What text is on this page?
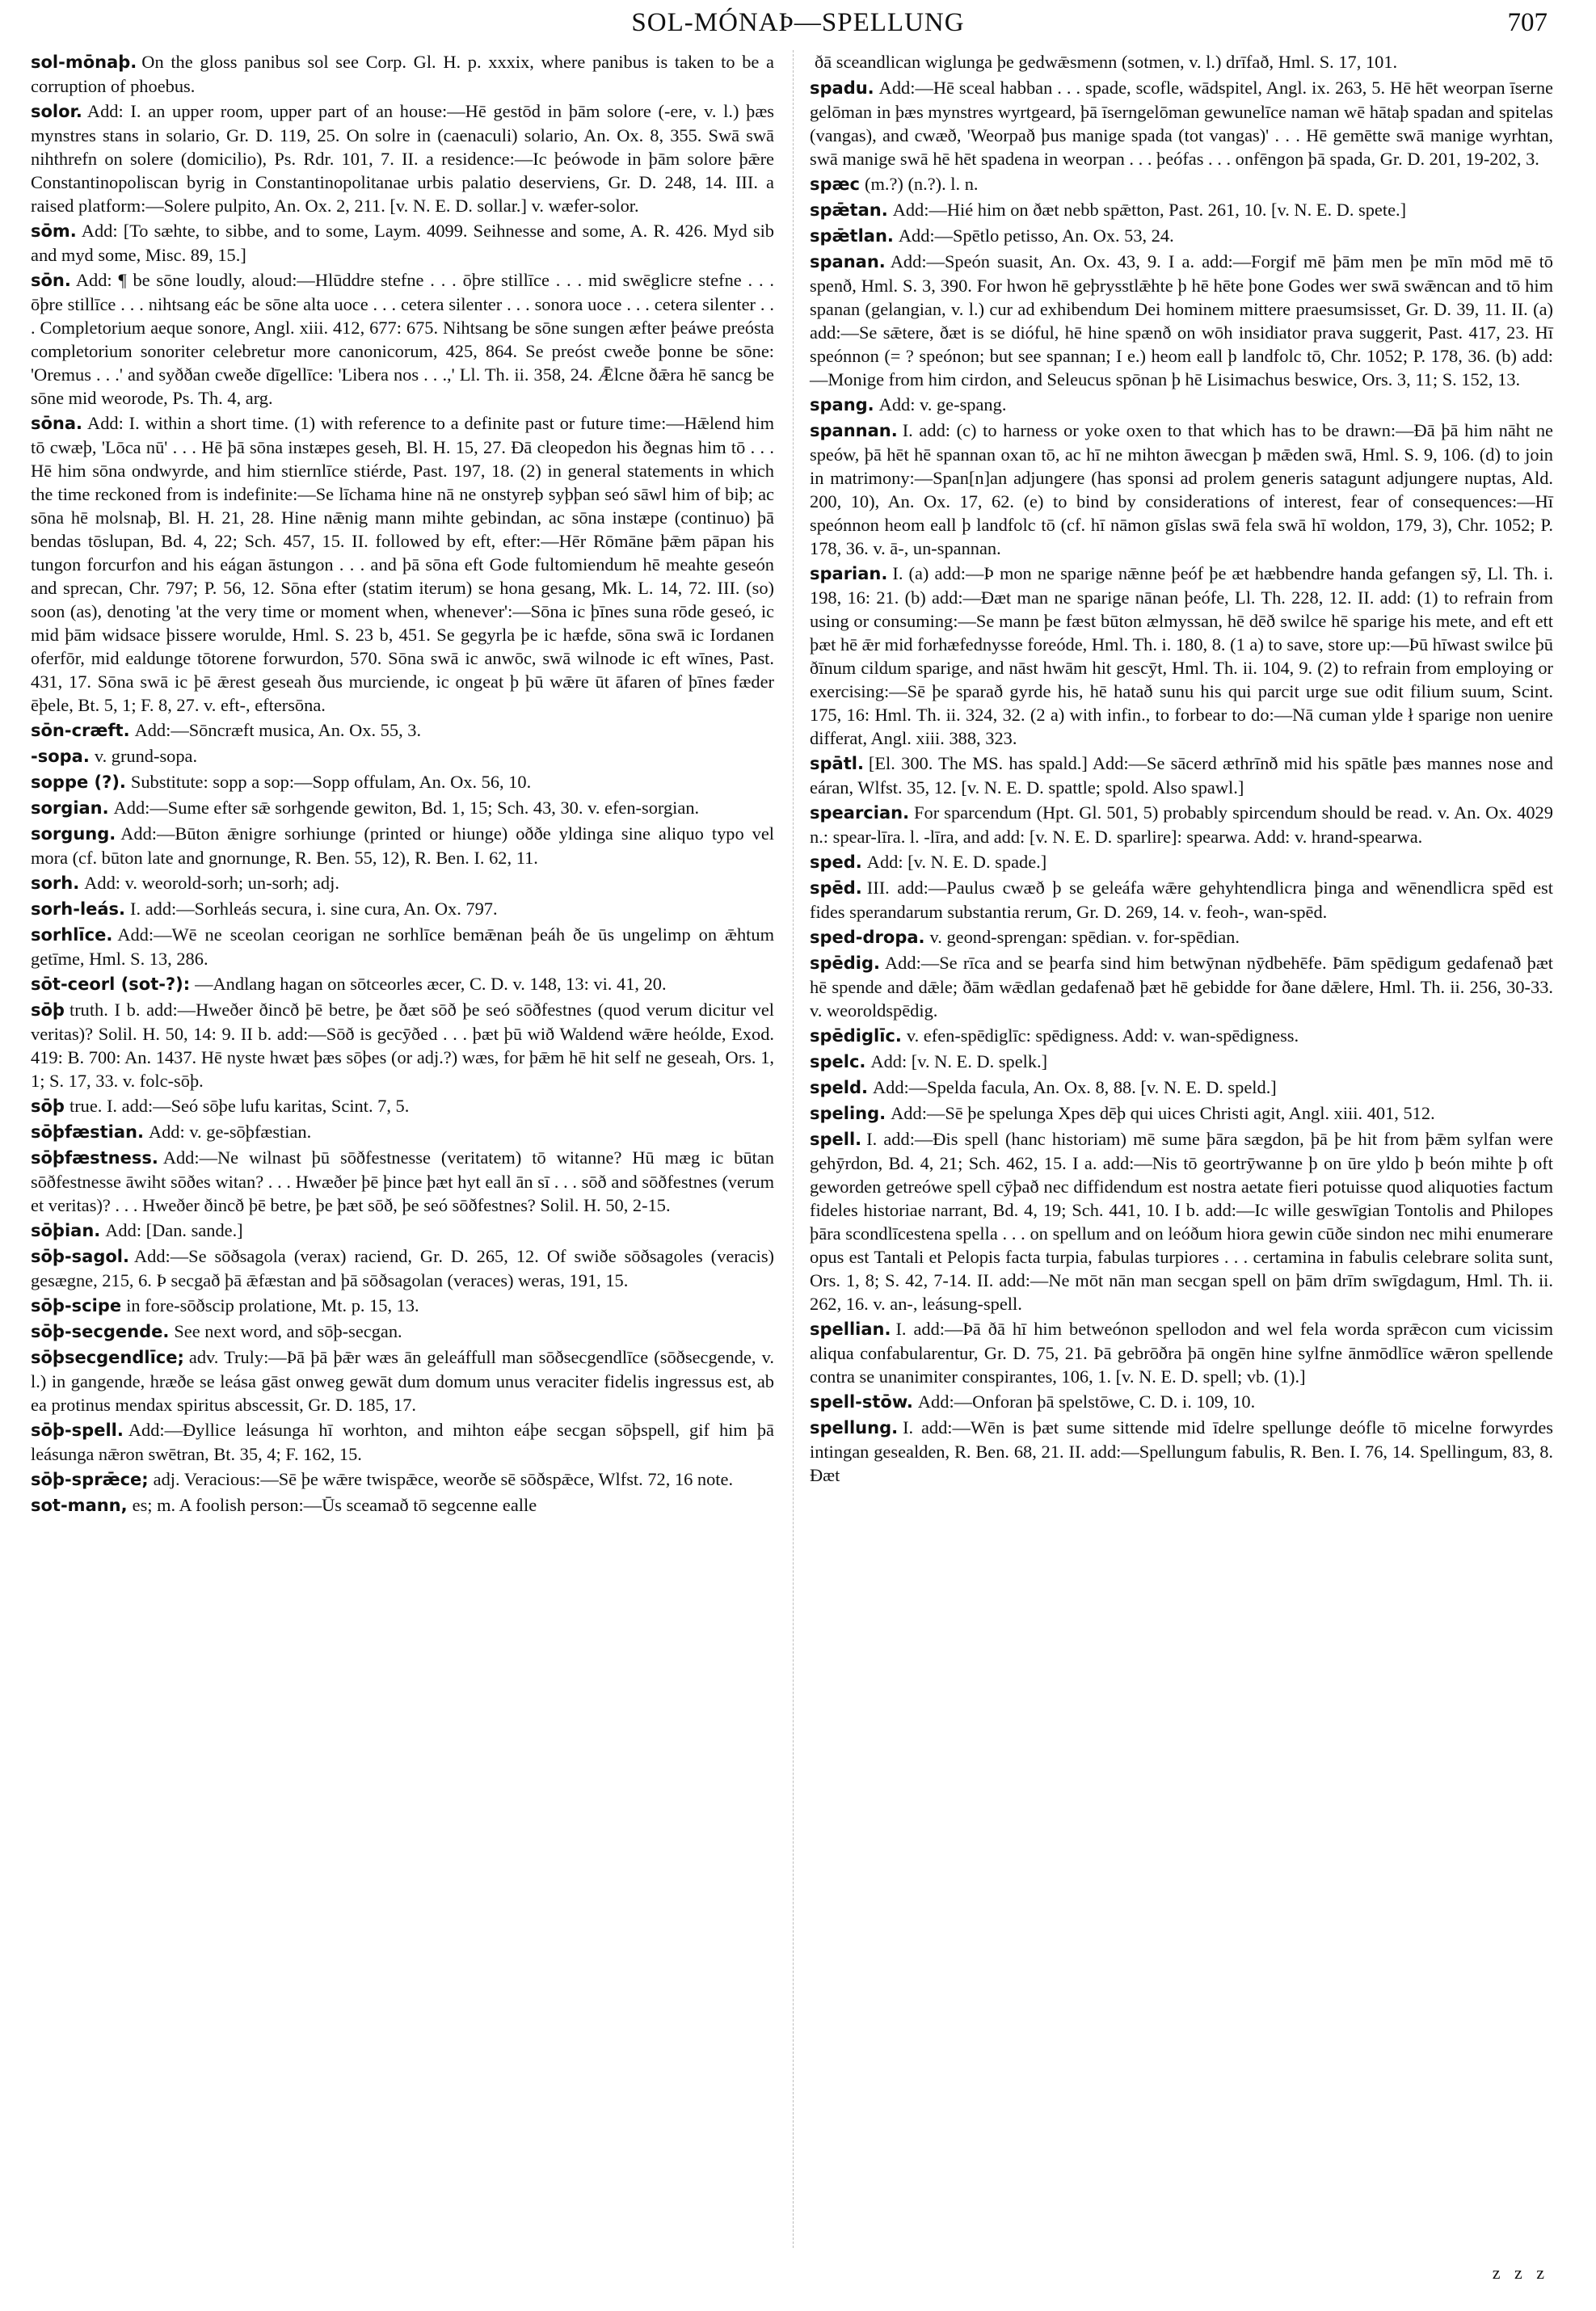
SOL-MÓNAÞ—SPELLUNG	707
sol-mōnaþ. On the gloss panibus sol see Corp. Gl. H. p. xxxix, where panibus is taken to be a corruption of phoebus.
solor. Add: I. an upper room, upper part of an house:—Hē gestōd in þām solore (-ere, v. l.) þæs mynstres stans in solario, Gr. D. 119, 25. On solre in (caenaculi) solario, An. Ox. 8, 355. Swā swā nihthrefn on solere (domicilio), Ps. Rdr. 101, 7. II. a residence:—Ic þeówode in þām solore þǣre Constantinopoliscan byrig in Constantinopolitanae urbis palatio deserviens, Gr. D. 248, 14. III. a raised platform:—Solere pulpito, An. Ox. 2, 211. [v. N. E. D. sollar.] v. wæfer-solor.
sōm. Add: [To sæhte, to sibbe, and to some, Laym. 4099. Seihnesse and some, A. R. 426. Myd sib and myd some, Misc. 89, 15.]
sōn. Add: ¶ be sōne loudly, aloud:—Hlūddre stefne . . . ōþre stillīce . . . mid swēglicre stefne . . . ōþre stillīce . . . nihtsang eác be sōne alta uoce . . . cetera silenter . . . sonora uoce . . . cetera silenter . . . Completorium aeque sonore, Angl. xiii. 412, 677: 675. Nihtsang be sōne sungen æfter þeáwe preósta completorium sonoriter celebretur more canonicorum, 425, 864. Se preóst cweðe þonne be sōne: 'Oremus . . .' and syððan cweðe dīgellīce: 'Libera nos . . .,' Ll. Th. ii. 358, 24. Ǣlcne ðǣra hē sancg be sōne mid weorode, Ps. Th. 4, arg.
sōna. Add: I. within a short time. (1) with reference to a definite past or future time:—Hǣlend him tō cwæþ, 'Lōca nū' . . . Hē þā sōna instæpes geseh, Bl. H. 15, 27. Ðā cleopedon his ðegnas him tō . . . Hē him sōna ondwyrde, and him stiernlīce stiérde, Past. 197, 18. (2) in general statements in which the time reckoned from is indefinite:—Se līchama hine nā ne onstyreþ syþþan seó sāwl him of biþ; ac sōna hē molsnaþ, Bl. H. 21, 28. Hine nǣnig mann mihte gebindan, ac sōna instæpe (continuo) þā bendas tōslupan, Bd. 4, 22; Sch. 457, 15. II. followed by eft, efter:—Hēr Rōmāne þǣm pāpan his tungon forcurfon and his eágan āstungon . . . and þā sōna eft Gode fultomiendum hē meahte geseón and sprecan, Chr. 797; P. 56, 12. Sōna efter (statim iterum) se hona gesang, Mk. L. 14, 72. III. (so) soon (as), denoting 'at the very time or moment when, whenever':—Sōna ic þīnes suna rōde geseó, ic mid þām widsace þissere worulde, Hml. S. 23 b, 451. Se gegyrla þe ic hæfde, sōna swā ic Iordanen oferfōr, mid ealdunge tōtorene forwurdon, 570. Sōna swā ic anwōc, swā wilnode ic eft wīnes, Past. 431, 17. Sōna swā ic þē ǣrest geseah ðus murciende, ic ongeat þ þū wǣre ūt āfaren of þīnes fæder ēþele, Bt. 5, 1; F. 8, 27. v. eft-, eftersōna.
sōn-cræft. Add:—Sōncræft musica, An. Ox. 55, 3.
-sopa. v. grund-sopa.
soppe (?). Substitute: sopp a sop:—Sopp offulam, An. Ox. 56, 10.
sorgian. Add:—Sume efter sǣ sorhgende gewiton, Bd. 1, 15; Sch. 43, 30. v. efen-sorgian.
sorgung. Add:—Būton ǣnigre sorhiunge (printed or hiunge) oððe yldinga sine aliquo typo vel mora (cf. būton late and gnornunge, R. Ben. 55, 12), R. Ben. I. 62, 11.
sorh. Add: v. weorold-sorh; un-sorh; adj.
sorh-leás. I. add:—Sorhleás secura, i. sine cura, An. Ox. 797.
sorhlīce. Add:—Wē ne sceolan ceorigan ne sorhlīce bemǣnan þeáh ðe ūs ungelimp on ǣhtum getīme, Hml. S. 13, 286.
sōt-ceorl (sot-?): —Andlang hagan on sōtceorles æcer, C. D. v. 148, 13: vi. 41, 20.
sōþ truth. I b. add:—Hweðer ðincð þē betre, þe ðæt sōð þe seó sōðfestnes (quod verum dicitur vel veritas)? Solil. H. 50, 14: 9. II b. add:—Sōð is gecȳðed . . . þæt þū wið Waldend wǣre heólde, Exod. 419: B. 700: An. 1437. Hē nyste hwæt þæs sōþes (or adj.?) wæs, for þǣm hē hit self ne geseah, Ors. 1, 1; S. 17, 33. v. folc-sōþ.
sōþ true. I. add:—Seó sōþe lufu karitas, Scint. 7, 5.
sōþfæstian. Add: v. ge-sōþfæstian.
sōþfæstness. Add:—Ne wilnast þū sōðfestnesse (veritatem) tō witanne? Hū mæg ic būtan sōðfestnesse āwiht sōðes witan? . . . Hwæðer þē þince þæt hyt eall ān sī . . . sōð and sōðfestnes (verum et veritas)? . . . Hweðer ðincð þē betre, þe þæt sōð, þe seó sōðfestnes? Solil. H. 50, 2-15.
sōþian. Add: [Dan. sande.]
sōþ-sagol. Add:—Se sōðsagola (verax) raciend, Gr. D. 265, 12. Of swiðe sōðsagoles (veracis) gesægne, 215, 6. Þ secgað þā ǣfæstan and þā sōðsagolan (veraces) weras, 191, 15.
sōþ-scipe in fore-sōðscip prolatione, Mt. p. 15, 13.
sōþ-secgende. See next word, and sōþ-secgan.
sōþsecgendlīce; adv. Truly:—Þā þā þǣr wæs ān geleáffull man sōðsecgendlīce (sōðsecgende, v. l.) in gangende, hræðe se leása gāst onweg gewāt dum domum unus veraciter fidelis ingressus est, ab ea protinus mendax spiritus abscessit, Gr. D. 185, 17.
sōþ-spell. Add:—Ðyllice leásunga hī worhton, and mihton eáþe secgan sōþspell, gif him þā leásunga nǣron swētran, Bt. 35, 4; F. 162, 15.
sōþ-sprǣce; adj. Veracious:—Sē þe wǣre twispǣce, weorðe sē sōðspǣce, Wlfst. 72, 16 note.
sot-mann, es; m. A foolish person:—Ūs sceamað tō segcenne ealle
ðā sceandlican wiglunga þe gedwǣsmenn (sotmen, v. l.) drīfað, Hml. S. 17, 101.
spadu. Add:—Hē sceal habban . . . spade, scofle, wādspitel, Angl. ix. 263, 5. Hē hēt weorpan īserne gelōman in þæs mynstres wyrtgeard, þā īserngelōman gewunelīce naman wē hātaþ spadan and spitelas (vangas), and cwæð, 'Weorpað þus manige spada (tot vangas)' . . . Hē gemētte swā manige wyrhtan, swā manige swā hē hēt spadena in weorpan . . . þeófas . . . onfēngon þā spada, Gr. D. 201, 19-202, 3.
spæc (m.?) (n.?). l. n.
spǣtan. Add:—Hié him on ðæt nebb spǣtton, Past. 261, 10. [v. N. E. D. spete.]
spǣtlan. Add:—Spētlo petisso, An. Ox. 53, 24.
spanan. Add:—Speón suasit, An. Ox. 43, 9. I a. add:—Forgif mē þām men þe mīn mōd mē tō spenð, Hml. S. 3, 390. For hwon hē geþrysstlǣhte þ hē hēte þone Godes wer swā swǣncan and tō him spanan (gelangian, v. l.) cur ad exhibendum Dei hominem mittere praesumsisset, Gr. D. 39, 11. II. (a) add:—Se sǣtere, ðæt is se dióful, hē hine spænð on wōh insidiator prava suggerit, Past. 417, 23. Hī speónnon (= ? speónon; but see spannan; I e.) heom eall þ landfolc tō, Chr. 1052; P. 178, 36. (b) add:—Monige from him cirdon, and Seleucus spōnan þ hē Lisimachus beswice, Ors. 3, 11; S. 152, 13.
spang. Add: v. ge-spang.
spannan. I. add: (c) to harness or yoke oxen to that which has to be drawn:—Ðā þā him nāht ne speów, þā hēt hē spannan oxan tō, ac hī ne mihton āwecgan þ mǣden swā, Hml. S. 9, 106. (d) to join in matrimony:—Span[n]an adjungere (has sponsi ad prolem generis satagunt adjungere nuptas, Ald. 200, 10), An. Ox. 17, 62. (e) to bind by considerations of interest, fear of consequences:—Hī speónnon heom eall þ landfolc tō (cf. hī nāmon gīslas swā fela swā hī woldon, 179, 3), Chr. 1052; P. 178, 36. v. ā-, un-spannan.
sparian. I. (a) add:—Þ mon ne sparige nǣnne þeóf þe æt hæbbendre handa gefangen sȳ, Ll. Th. i. 198, 16: 21. (b) add:—Ðæt man ne sparige nānan þeófe, Ll. Th. 228, 12. II. add: (1) to refrain from using or consuming:—Se mann þe fæst būton ælmyssan, hē dēð swilce hē sparige his mete, and eft ett þæt hē ǣr mid forhæfednysse foreóde, Hml. Th. i. 180, 8. (1 a) to save, store up:—Þū hīwast swilce þū ðīnum cildum sparige, and nāst hwām hit gescȳt, Hml. Th. ii. 104, 9. (2) to refrain from employing or exercising:—Sē þe sparað gyrde his, hē hatað sunu his qui parcit urge sue odit filium suum, Scint. 175, 16: Hml. Th. ii. 324, 32. (2 a) with infin., to forbear to do:—Nā cuman ylde ł sparige non uenire differat, Angl. xiii. 388, 323.
spātl. [El. 300. The MS. has spald.] Add:—Se sācerd æthrīnð mid his spātle þæs mannes nose and eáran, Wlfst. 35, 12. [v. N. E. D. spattle; spold. Also spawl.]
spearcian. For sparcendum (Hpt. Gl. 501, 5) probably spircendum should be read. v. An. Ox. 4029 n.: spear-līra. l. -līra, and add: [v. N. E. D. sparlire]: spearwa. Add: v. hrand-spearwa.
sped. Add: [v. N. E. D. spade.]
spēd. III. add:—Paulus cwæð þ se geleáfa wǣre gehyhtendlicra þinga and wēnendlicra spēd est fides sperandarum substantia rerum, Gr. D. 269, 14. v. feoh-, wan-spēd.
sped-dropa. v. geond-sprengan: spēdian. v. for-spēdian.
spēdig. Add:—Se rīca and se þearfa sind him betwȳnan nȳdbehēfe. Þām spēdigum gedafenað þæt hē spende and dǣle; ðām wǣdlan gedafenað þæt hē gebidde for ðane dǣlere, Hml. Th. ii. 256, 30-33. v. weoroldspēdig.
spēdiglīc. v. efen-spēdiglīc: spēdigness. Add: v. wan-spēdigness.
spelc. Add: [v. N. E. D. spelk.]
speld. Add:—Spelda facula, An. Ox. 8, 88. [v. N. E. D. speld.]
speling. Add:—Sē þe spelunga Xpes dēþ qui uices Christi agit, Angl. xiii. 401, 512.
spell. I. add:—Ðis spell (hanc historiam) mē sume þāra sægdon, þā þe hit from þǣm sylfan were gehȳrdon, Bd. 4, 21; Sch. 462, 15. I a. add:—Nis tō geortrȳwanne þ on ūre yldo þ beón mihte þ oft geworden getreówe spell cȳþað nec diffidendum est nostra aetate fieri potuisse quod aliquoties factum fideles historiae narrant, Bd. 4, 19; Sch. 441, 10. I b. add:—Ic wille geswīgian Tontolis and Philopes þāra scondlīcestena spella . . . on spellum and on leóðum hiora gewin cūðe sindon nec mihi enumerare opus est Tantali et Pelopis facta turpia, fabulas turpiores . . . certamina in fabulis celebrare solita sunt, Ors. 1, 8; S. 42, 7-14. II. add:—Ne mōt nān man secgan spell on þām drīm swīgdagum, Hml. Th. ii. 262, 16. v. an-, leásung-spell.
spellian. I. add:—Þā ðā hī him betweónon spellodon and wel fela worda sprǣcon cum vicissim aliqua confabularentur, Gr. D. 75, 21. Þā gebrōðra þā ongēn hine sylfne ānmōdlīce wǣron spellende contra se unanimiter conspirantes, 106, 1. [v. N. E. D. spell; vb. (1).]
spell-stōw. Add:—Onforan þā spelstōwe, C. D. i. 109, 10.
spellung. I. add:—Wēn is þæt sume sittende mid īdelre spellunge deófle tō micelne forwyrdes intingan gesealden, R. Ben. 68, 21. II. add:—Spellungum fabulis, R. Ben. I. 76, 14. Spellingum, 83, 8. Ðæt
z z z
